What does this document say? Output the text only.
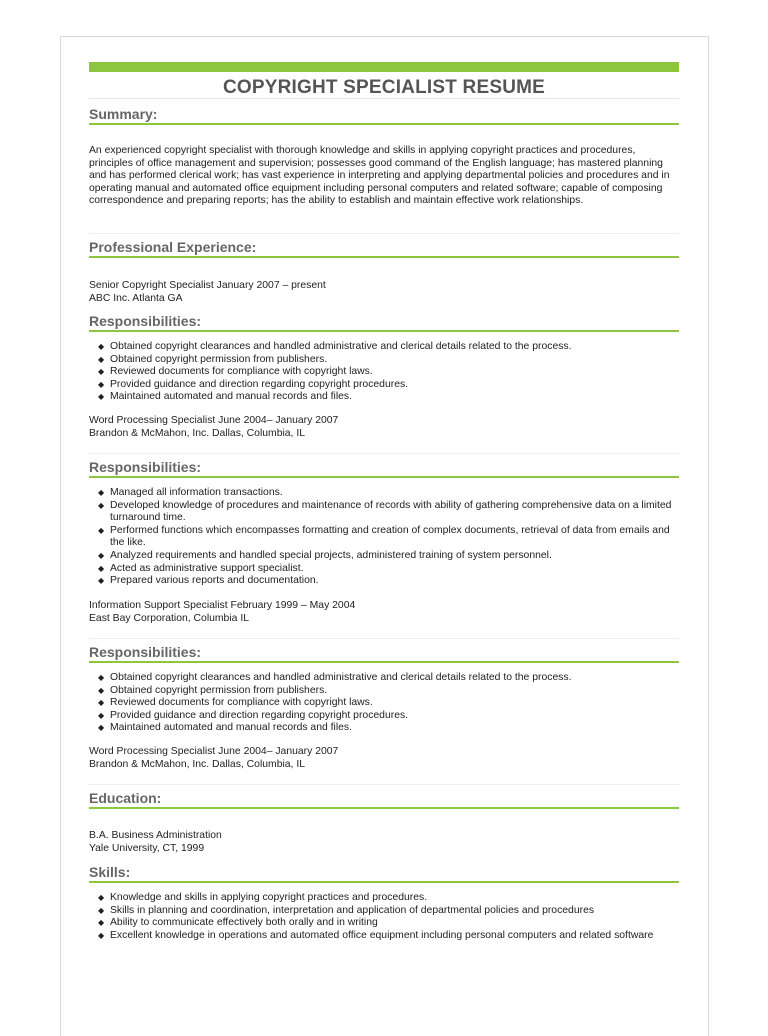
COPYRIGHT SPECIALIST RESUME
Summary:
An experienced copyright specialist with thorough knowledge and skills in applying copyright practices and procedures, principles of office management and supervision; possesses good command of the English language; has mastered planning and has performed clerical work; has vast experience in interpreting and applying departmental policies and procedures and in operating manual and automated office equipment including personal computers and related software; capable of composing correspondence and preparing reports; has the ability to establish and maintain effective work relationships.
Professional Experience:
Senior Copyright Specialist January 2007 – present
ABC Inc. Atlanta GA
Responsibilities:
◆ Obtained copyright clearances and handled administrative and clerical details related to the process.
◆ Obtained copyright permission from publishers.
◆ Reviewed documents for compliance with copyright laws.
◆ Provided guidance and direction regarding copyright procedures.
◆ Maintained automated and manual records and files.
Word Processing Specialist June 2004– January 2007
Brandon & McMahon, Inc. Dallas, Columbia, IL
Responsibilities:
◆ Managed all information transactions.
◆ Developed knowledge of procedures and maintenance of records with ability of gathering comprehensive data on a limited turnaround time.
◆ Performed functions which encompasses formatting and creation of complex documents, retrieval of data from emails and the like.
◆ Analyzed requirements and handled special projects, administered training of system personnel.
◆ Acted as administrative support specialist.
◆ Prepared various reports and documentation.
Information Support Specialist February 1999 – May 2004
East Bay Corporation, Columbia IL
Responsibilities:
◆ Obtained copyright clearances and handled administrative and clerical details related to the process.
◆ Obtained copyright permission from publishers.
◆ Reviewed documents for compliance with copyright laws.
◆ Provided guidance and direction regarding copyright procedures.
◆ Maintained automated and manual records and files.
Word Processing Specialist June 2004– January 2007
Brandon & McMahon, Inc. Dallas, Columbia, IL
Education:
B.A. Business Administration
Yale University, CT, 1999
Skills:
◆ Knowledge and skills in applying copyright practices and procedures.
◆ Skills in planning and coordination, interpretation and application of departmental policies and procedures
◆ Ability to communicate effectively both orally and in writing
◆ Excellent knowledge in operations and automated office equipment including personal computers and related software
